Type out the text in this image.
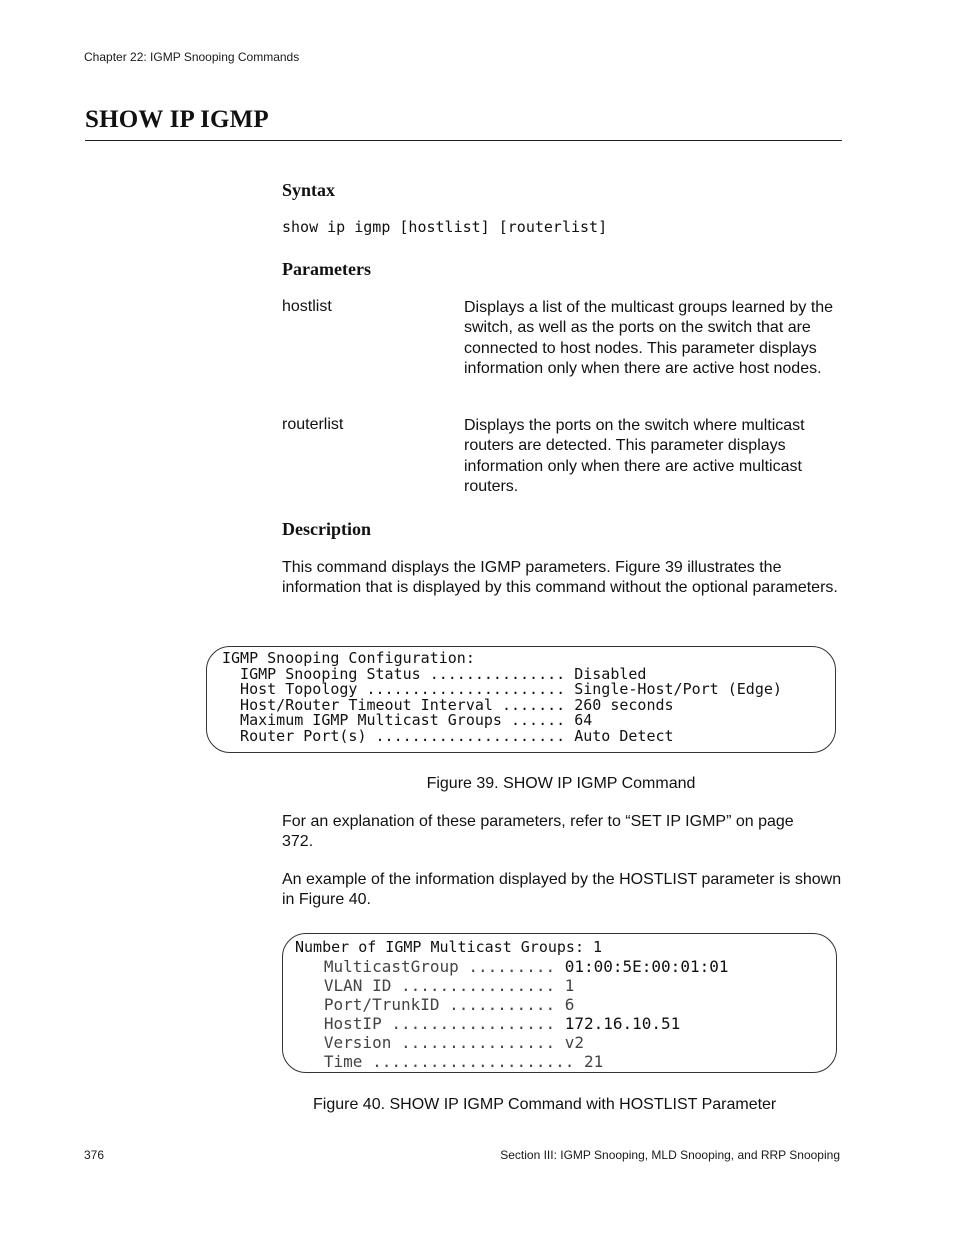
Chapter 22: IGMP Snooping Commands
SHOW IP IGMP
Syntax
show ip igmp [hostlist] [routerlist]
Parameters
hostlist	Displays a list of the multicast groups learned by the switch, as well as the ports on the switch that are connected to host nodes. This parameter displays information only when there are active host nodes.
routerlist	Displays the ports on the switch where multicast routers are detected. This parameter displays information only when there are active multicast routers.
Description
This command displays the IGMP parameters. Figure 39 illustrates the information that is displayed by this command without the optional parameters.
IGMP Snooping Configuration:
IGMP Snooping Status ............... Disabled
Host Topology ...................... Single-Host/Port (Edge)
Host/Router Timeout Interval ....... 260 seconds
Maximum IGMP Multicast Groups ...... 64
Router Port(s) ..................... Auto Detect
Figure 39. SHOW IP IGMP Command
For an explanation of these parameters, refer to “SET IP IGMP” on page 372.
An example of the information displayed by the HOSTLIST parameter is shown in Figure 40.
Number of IGMP Multicast Groups: 1
MulticastGroup ......... 01:00:5E:00:01:01
VLAN ID ................ 1
Port/TrunkID ........... 6
HostIP ................. 172.16.10.51
Version ................ v2
Time ..................... 21
Figure 40. SHOW IP IGMP Command with HOSTLIST Parameter
376	Section III: IGMP Snooping, MLD Snooping, and RRP Snooping
